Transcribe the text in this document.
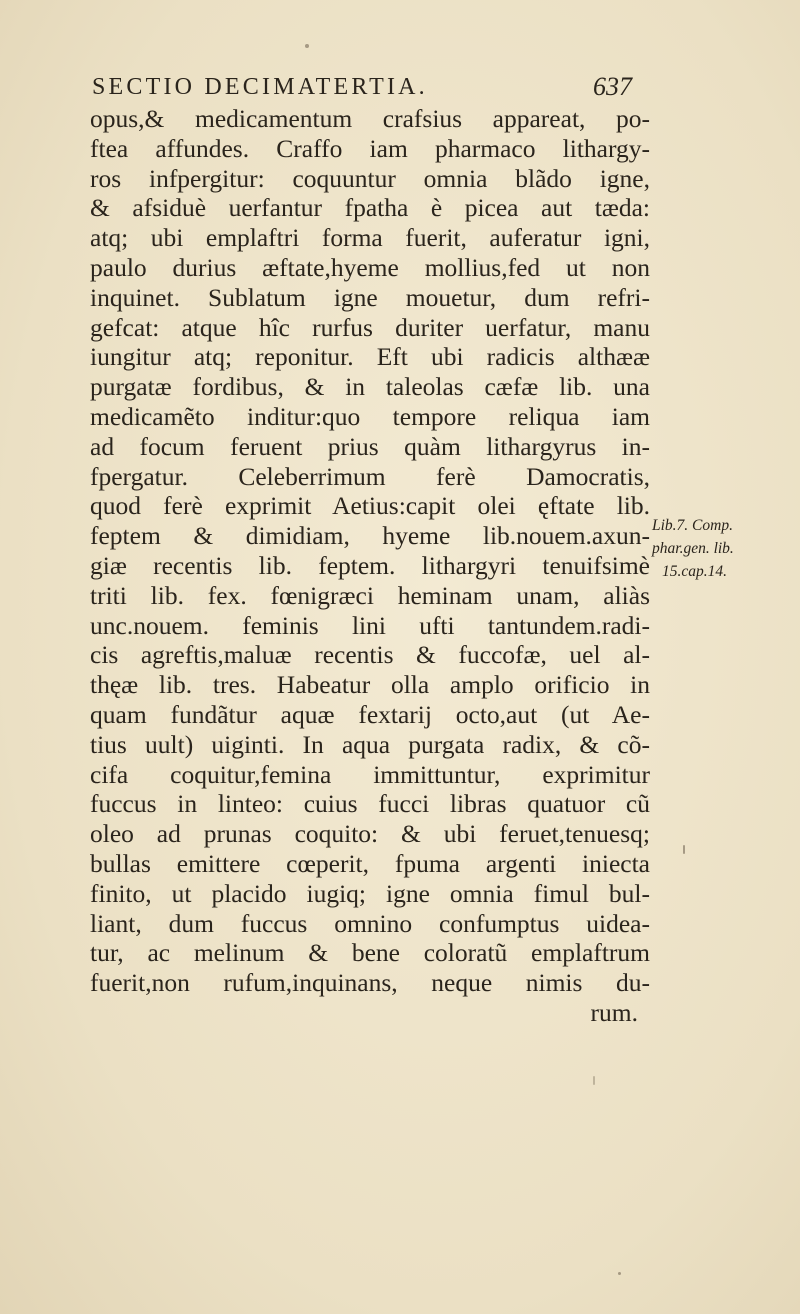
SECTIO DECIMATERTIA.	637
opus,& medicamentum crafsius appareat, po-
ftea affundes. Craffo iam pharmaco lithargy-
ros infpergitur: coquuntur omnia blãdo igne,
& afsiduè uerfantur fpatha è picea aut tæda:
atq; ubi emplaftri forma fuerit, auferatur igni,
paulo durius æftate,hyeme mollius,fed ut non
inquinet. Sublatum igne mouetur, dum refri-
gefcat: atque hîc rurfus duriter uerfatur, manu
iungitur atq; reponitur. Eft ubi radicis althææ
purgatæ fordibus, & in taleolas cæfæ lib. una
medicamẽto inditur:quo tempore reliqua iam
ad focum feruent prius quàm lithargyrus in-
fpergatur. Celeberrimum ferè Damocratis,
quod ferè exprimit Aetius:capit olei ęftate lib.
feptem & dimidiam, hyeme lib.nouem.axun-
giæ recentis lib. feptem. lithargyri tenuifsimè
triti lib. fex. fœnigræci heminam unam, aliàs
unc.nouem. feminis lini ufti tantundem.radi-
cis agreftis,maluæ recentis & fuccofæ, uel al-
thęæ lib. tres. Habeatur olla amplo orificio in
quam fundãtur aquæ fextarij octo,aut (ut Ae-
tius uult) uiginti. In aqua purgata radix, & cõ-
cifa coquitur,femina immittuntur, exprimitur
fuccus in linteo: cuius fucci libras quatuor cũ
oleo ad prunas coquito: & ubi feruet,tenuesq;
bullas emittere cœperit, fpuma argenti iniecta
finito, ut placido iugiq; igne omnia fimul bul-
liant, dum fuccus omnino confumptus uidea-
tur, ac melinum & bene coloratũ emplaftrum
fuerit,non rufum,inquinans, neque nimis du-
rum.
Lib.7. Comp.
phar.gen. lib.
15.cap.14.
